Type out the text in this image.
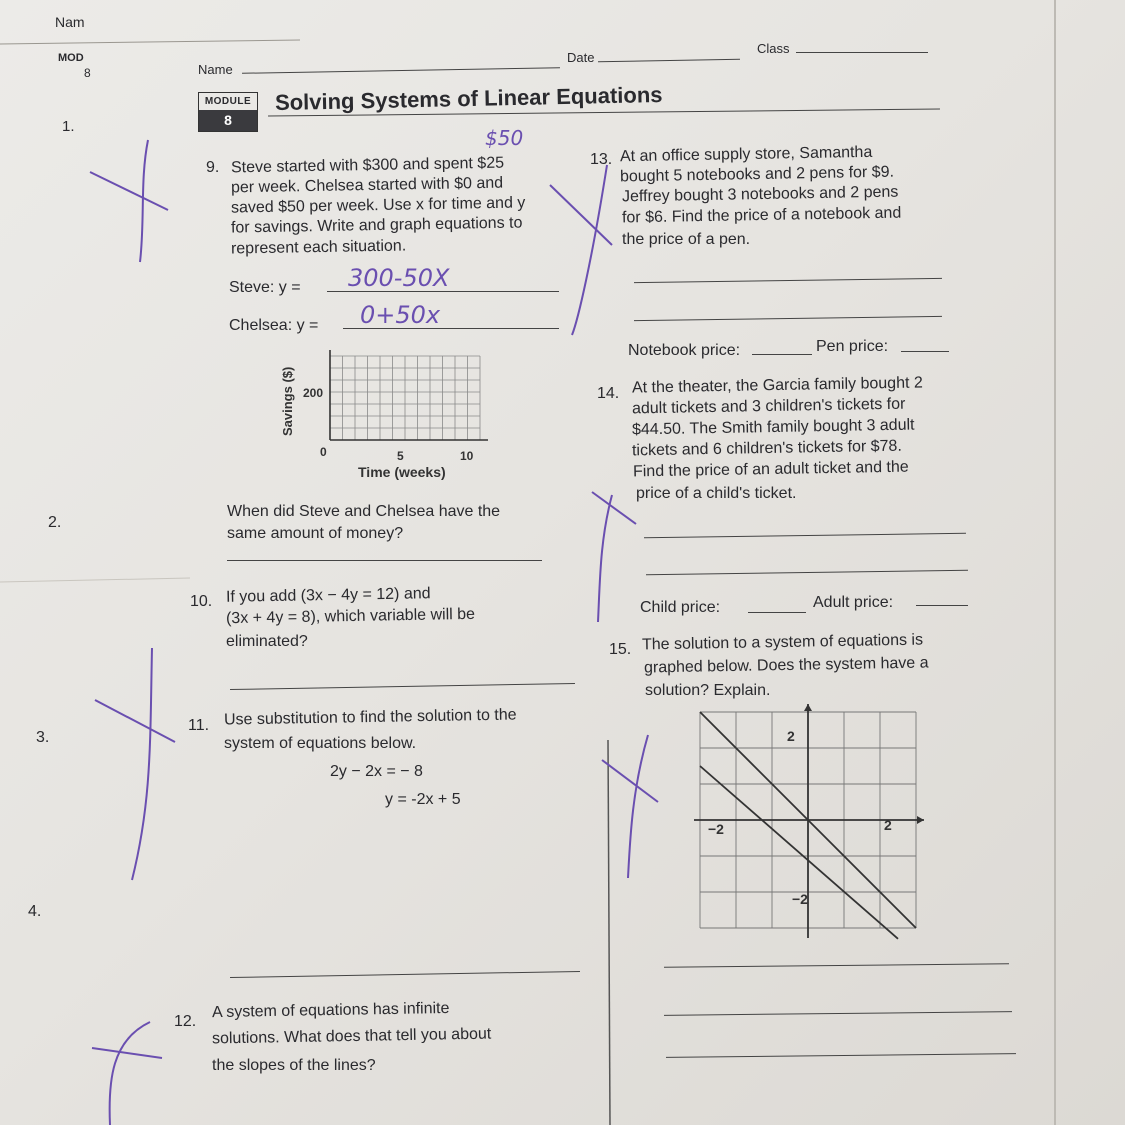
Nam
MOD
8
1.
2.
3.
4.
Name
Date
Class
MODULE
8
Solving Systems of Linear Equations
9. Steve started with $300 and spent $25
per week. Chelsea started with $0 and
saved $50 per week. Use x for time and y
for savings. Write and graph equations to
represent each situation.
$50
Steve: y = 300-50X
Chelsea: y = 0+50x
200
0	5	10
Time (weeks)
Savings ($)
When did Steve and Chelsea have the
same amount of money?
10. If you add (3x − 4y = 12) and
(3x + 4y = 8), which variable will be
eliminated?
11. Use substitution to find the solution to the
system of equations below.
2y − 2x = − 8
y = -2x + 5
12.
A system of equations has infinite
solutions. What does that tell you about
the slopes of the lines?
13. At an office supply store, Samantha
bought 5 notebooks and 2 pens for $9.
Jeffrey bought 3 notebooks and 2 pens
for $6. Find the price of a notebook and
the price of a pen.
Notebook price:	Pen price:
14. At the theater, the Garcia family bought 2
adult tickets and 3 children's tickets for
$44.50. The Smith family bought 3 adult
tickets and 6 children's tickets for $78.
Find the price of an adult ticket and the
price of a child's ticket.
Child price:	Adult price:
15. The solution to a system of equations is
graphed below. Does the system have a
solution? Explain.
−2	2
2
−2
